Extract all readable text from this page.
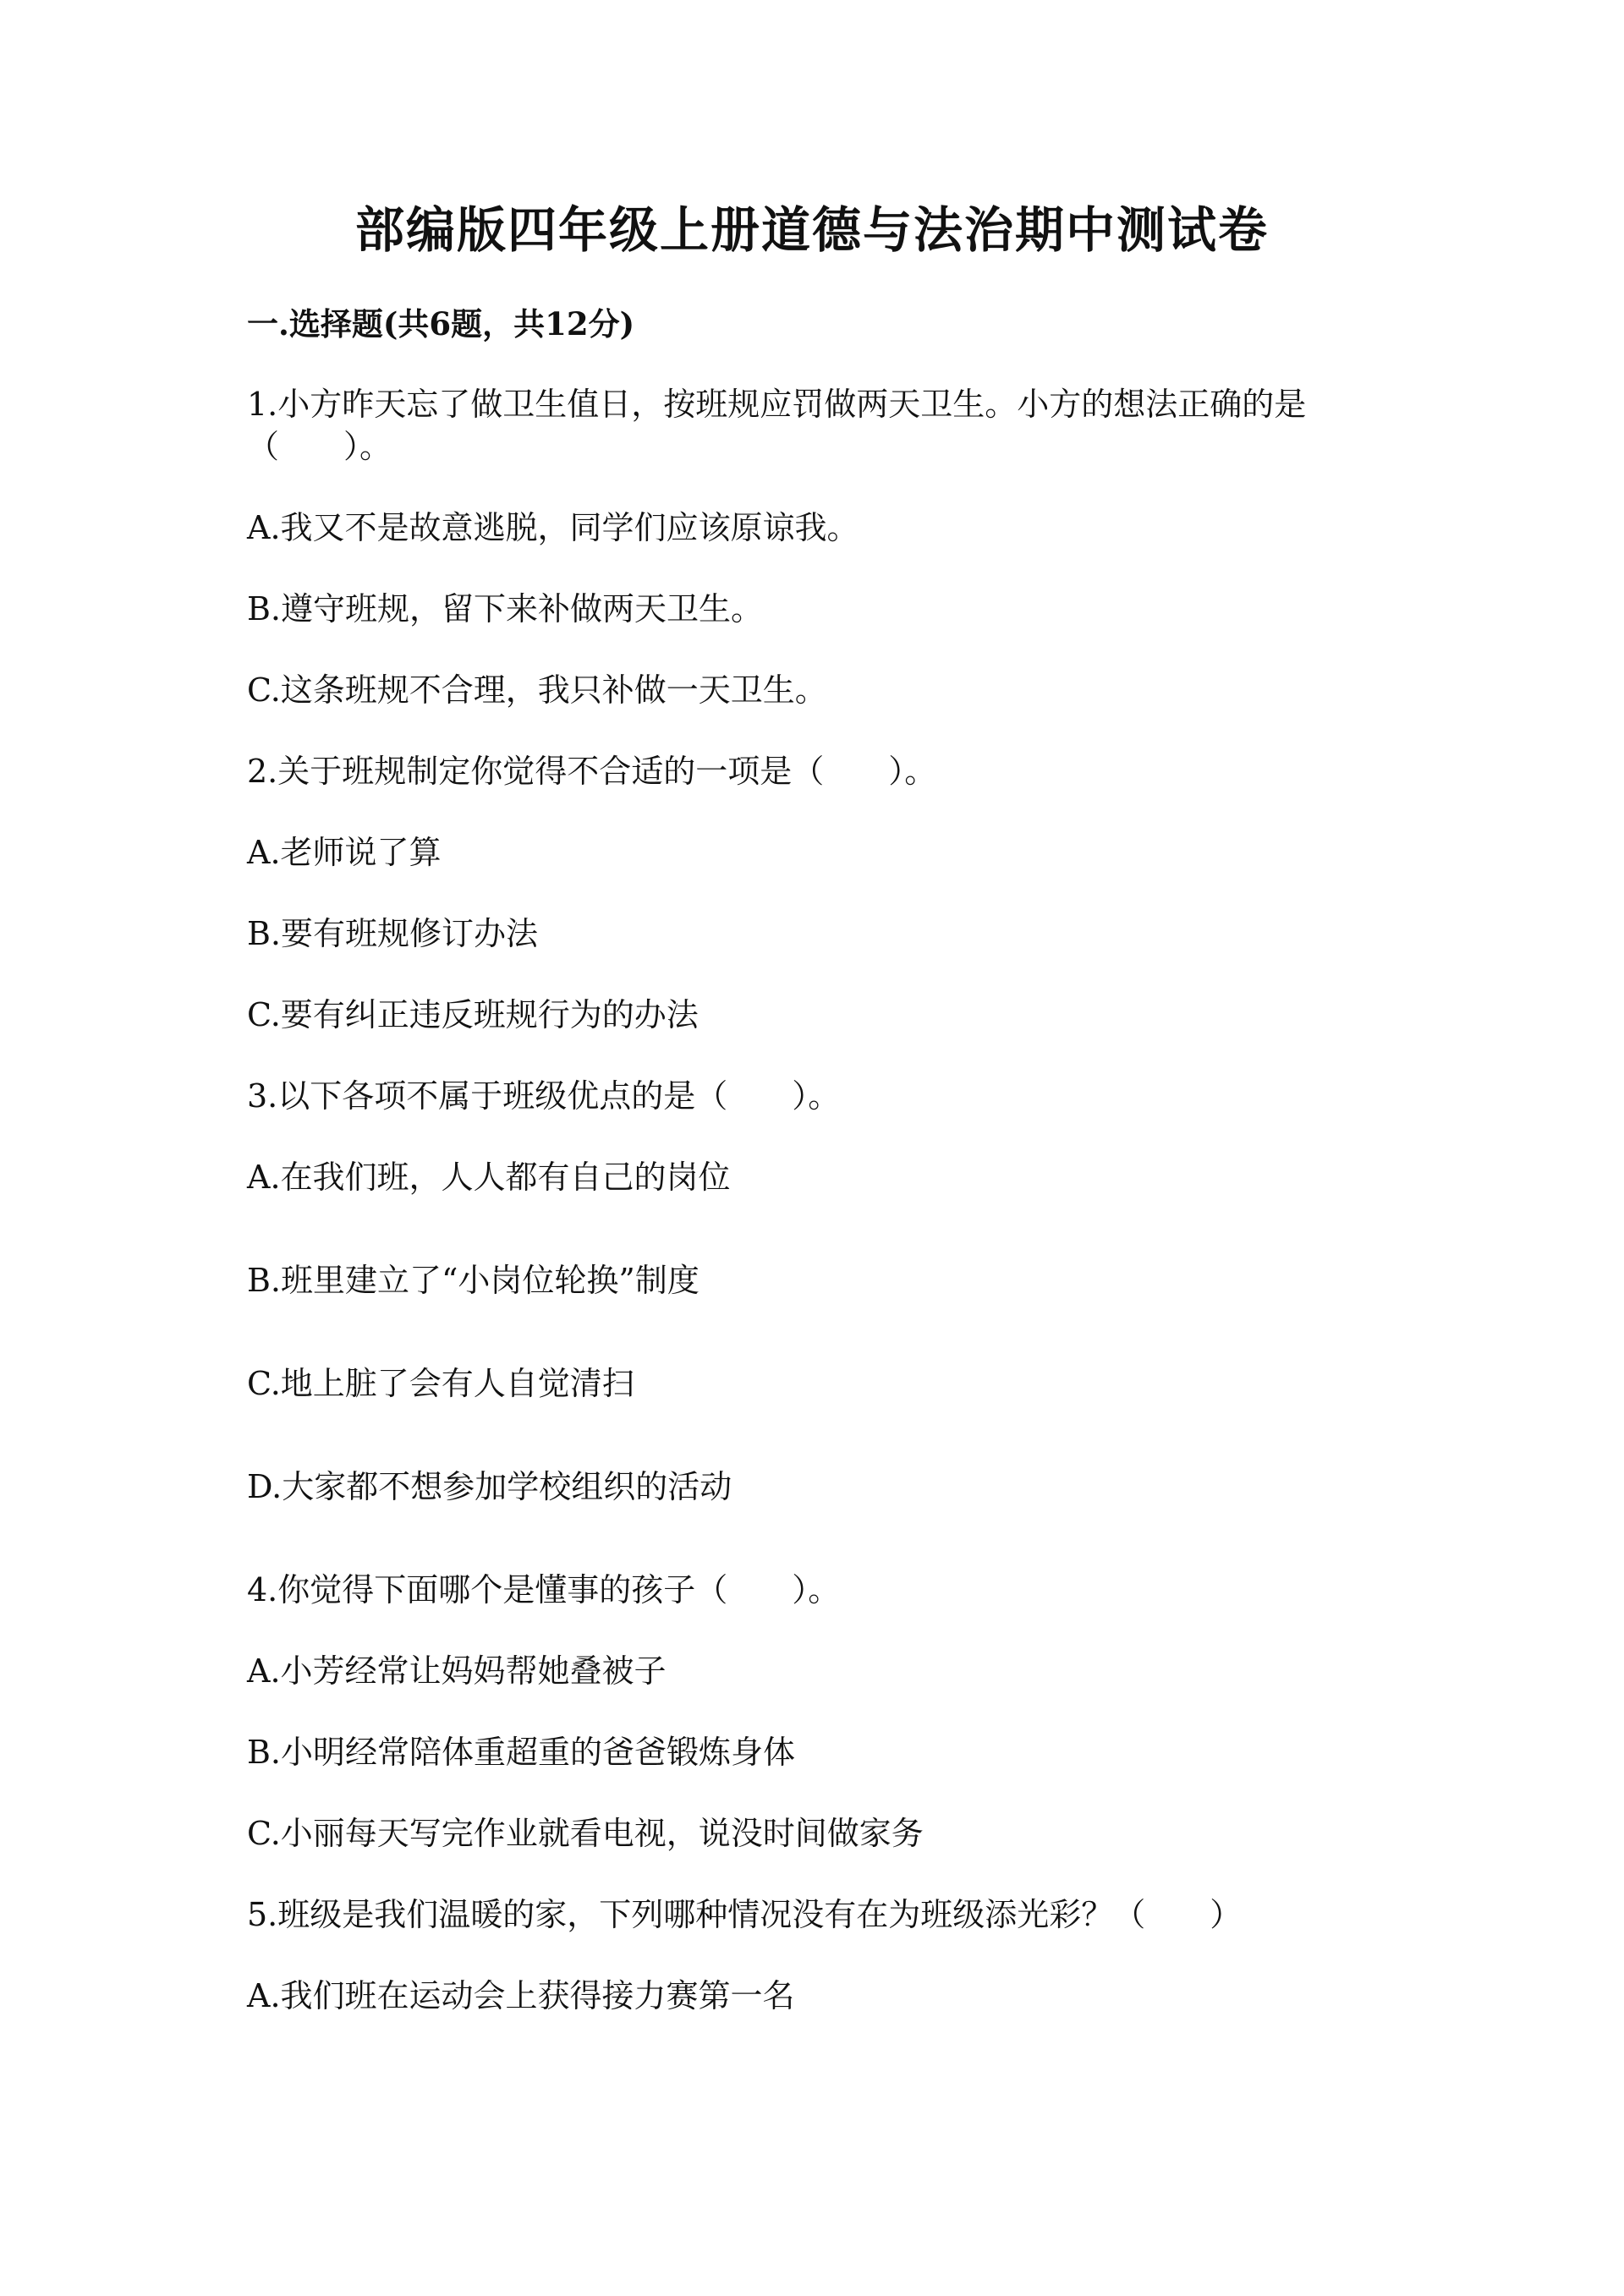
部编版四年级上册道德与法治期中测试卷
一.选择题(共6题，共12分)
1.小方昨天忘了做卫生值日，按班规应罚做两天卫生。小方的想法正确的是
（　　）。
A.我又不是故意逃脱，同学们应该原谅我。
B.遵守班规，留下来补做两天卫生。
C.这条班规不合理，我只补做一天卫生。
2.关于班规制定你觉得不合适的一项是（　　）。
A.老师说了算
B.要有班规修订办法
C.要有纠正违反班规行为的办法
3.以下各项不属于班级优点的是（　　）。
A.在我们班，人人都有自己的岗位
B.班里建立了“小岗位轮换”制度
C.地上脏了会有人自觉清扫
D.大家都不想参加学校组织的活动
4.你觉得下面哪个是懂事的孩子（　　）。
A.小芳经常让妈妈帮她叠被子
B.小明经常陪体重超重的爸爸锻炼身体
C.小丽每天写完作业就看电视，说没时间做家务
5.班级是我们温暖的家，下列哪种情况没有在为班级添光彩？（　　）
A.我们班在运动会上获得接力赛第一名
